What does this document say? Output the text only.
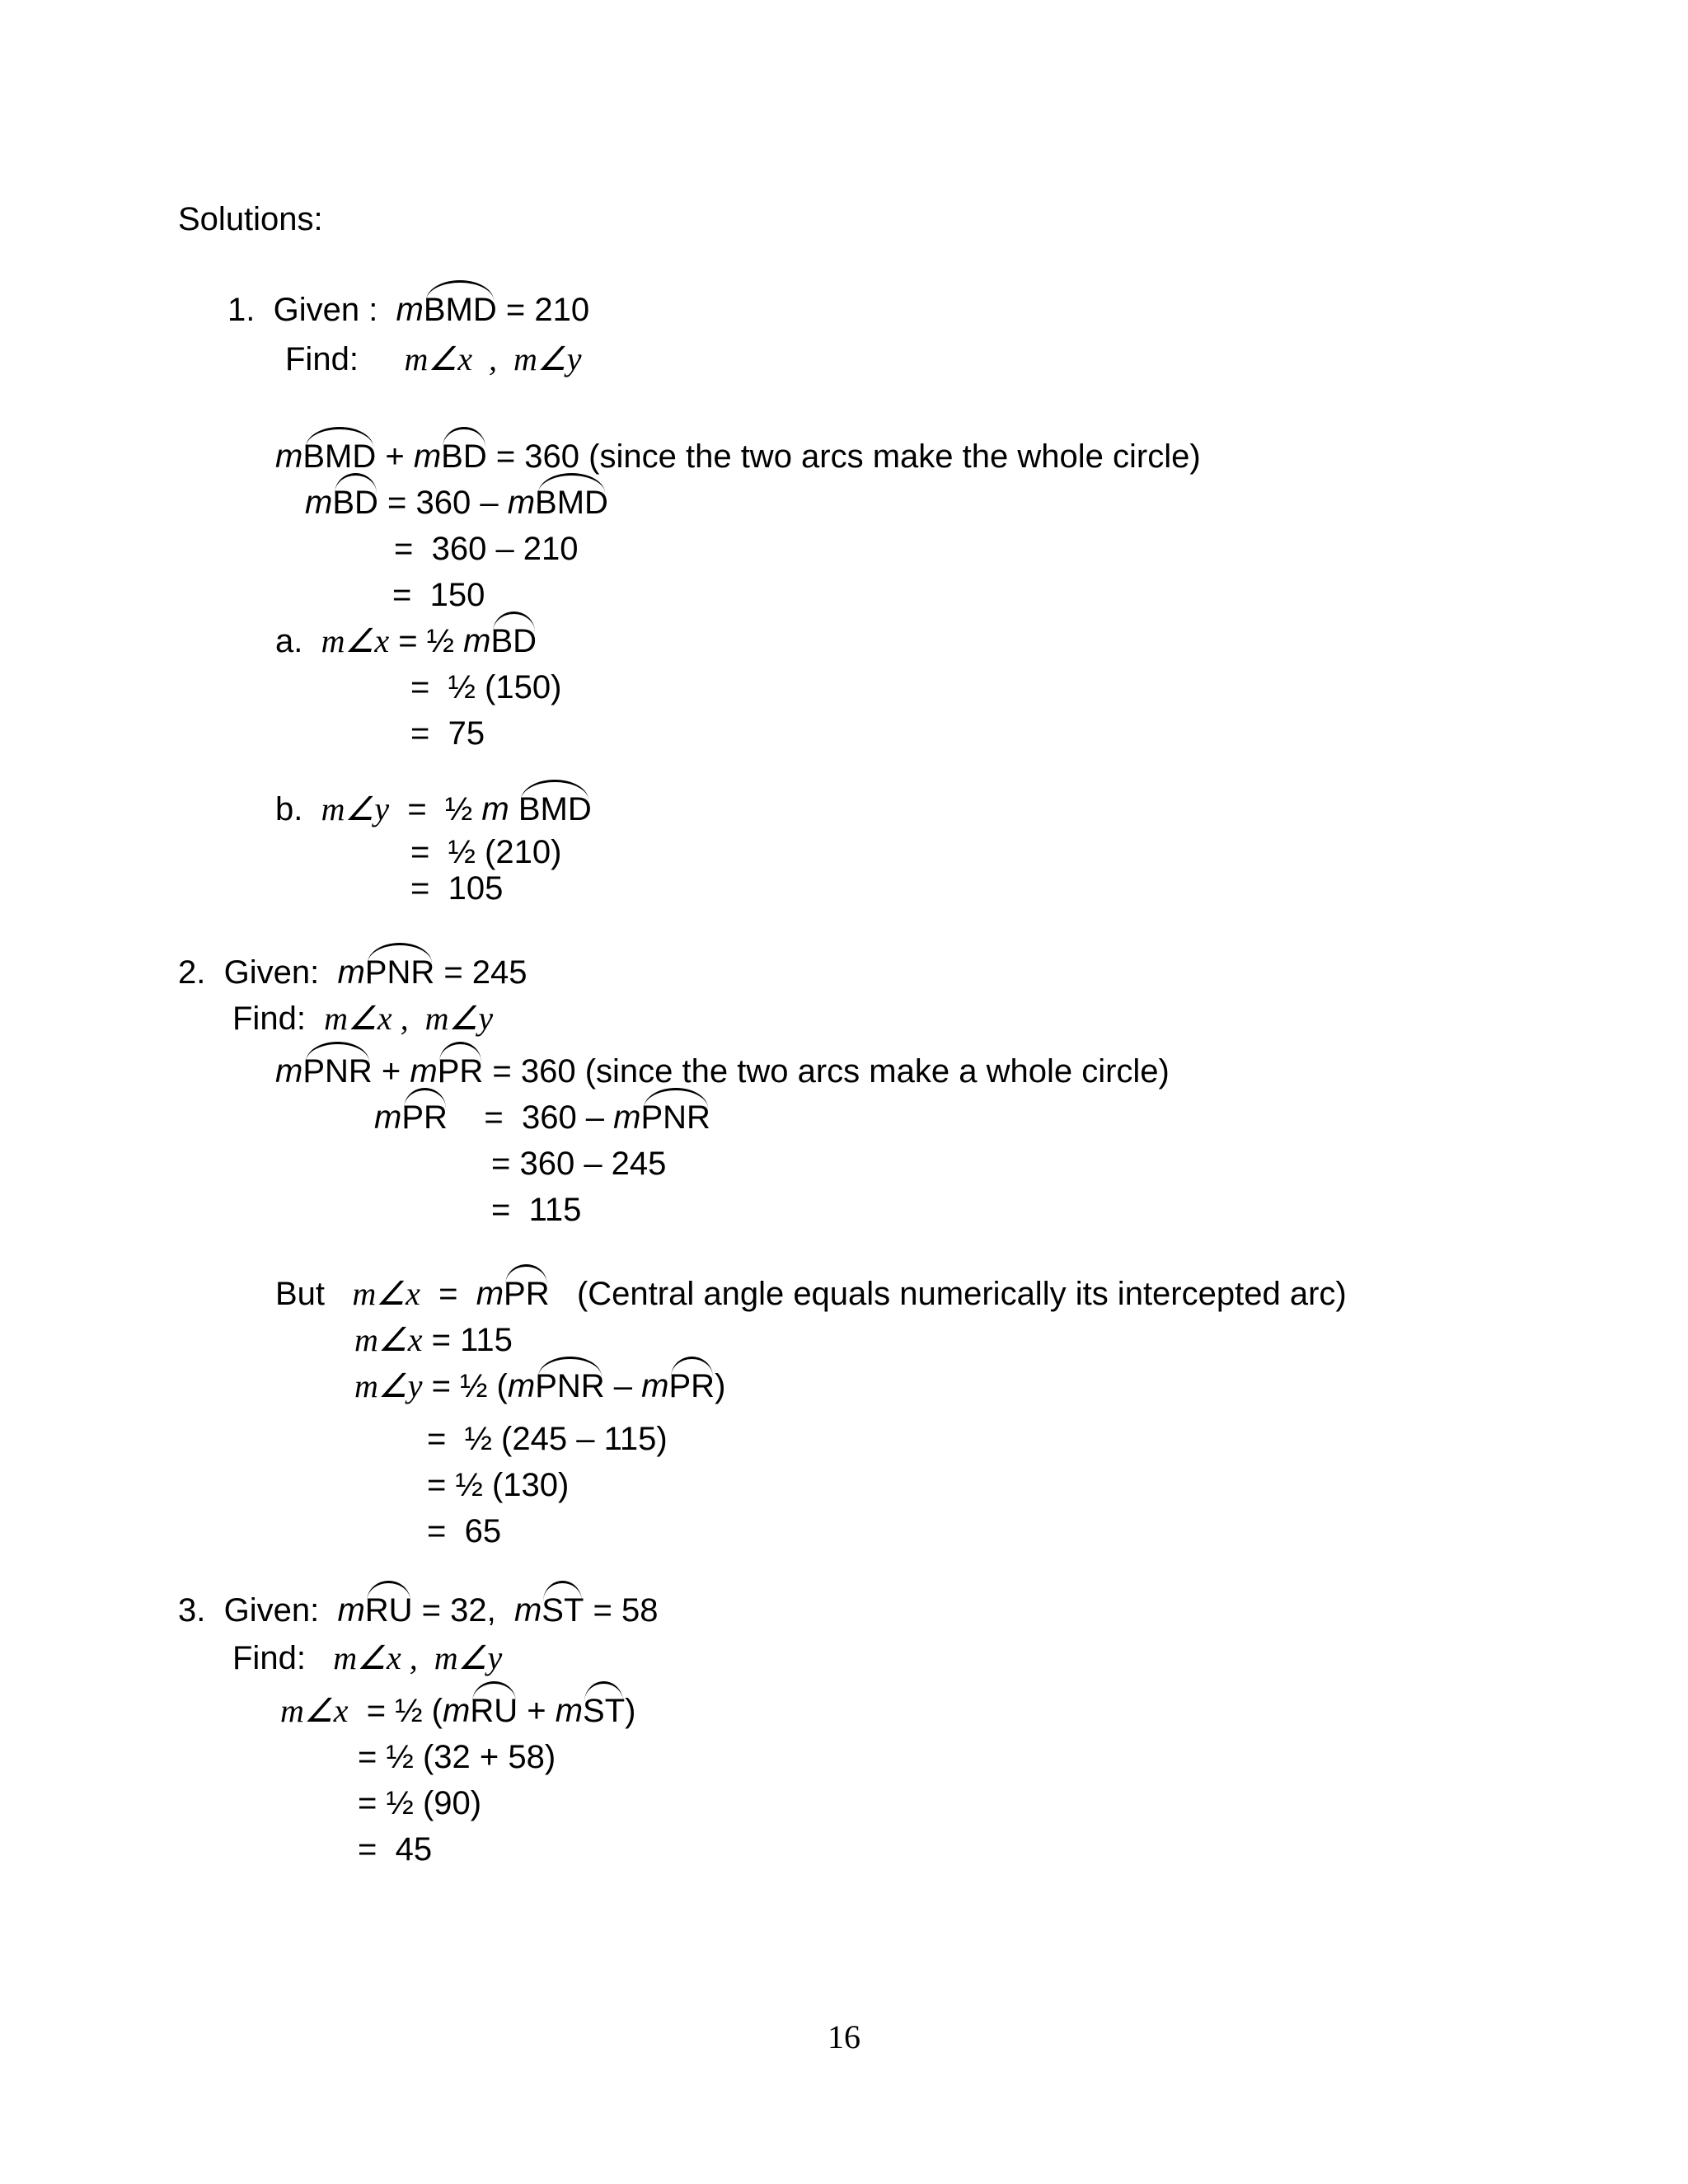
Solutions:
1. Given : mBMD = 210
Find: m∠x  ,  m∠y
mBMD + mBD = 360 (since the two arcs make the whole circle)
mBD = 360 – mBMD
=  360 – 210
=  150
a. m∠x = ½ mBD
=  ½ (150)
=  75
b. m∠y  =  ½ m BMD
=  ½ (210)
=  105
2. Given: mPNR = 245
Find: m∠x ,  m∠y
mPNR + mPR = 360 (since the two arcs make a whole circle)
mPR    =  360 – mPNR
= 360 – 245
=  115
But m∠x  =  mPR   (Central angle equals numerically its intercepted arc)
m∠x = 115
m∠y = ½ (mPNR – mPR)
=  ½ (245 – 115)
= ½ (130)
=  65
3. Given: mRU = 32,  mST = 58
Find: m∠x ,  m∠y
m∠x  = ½ (mRU + mST)
= ½ (32 + 58)
= ½ (90)
=  45
16
